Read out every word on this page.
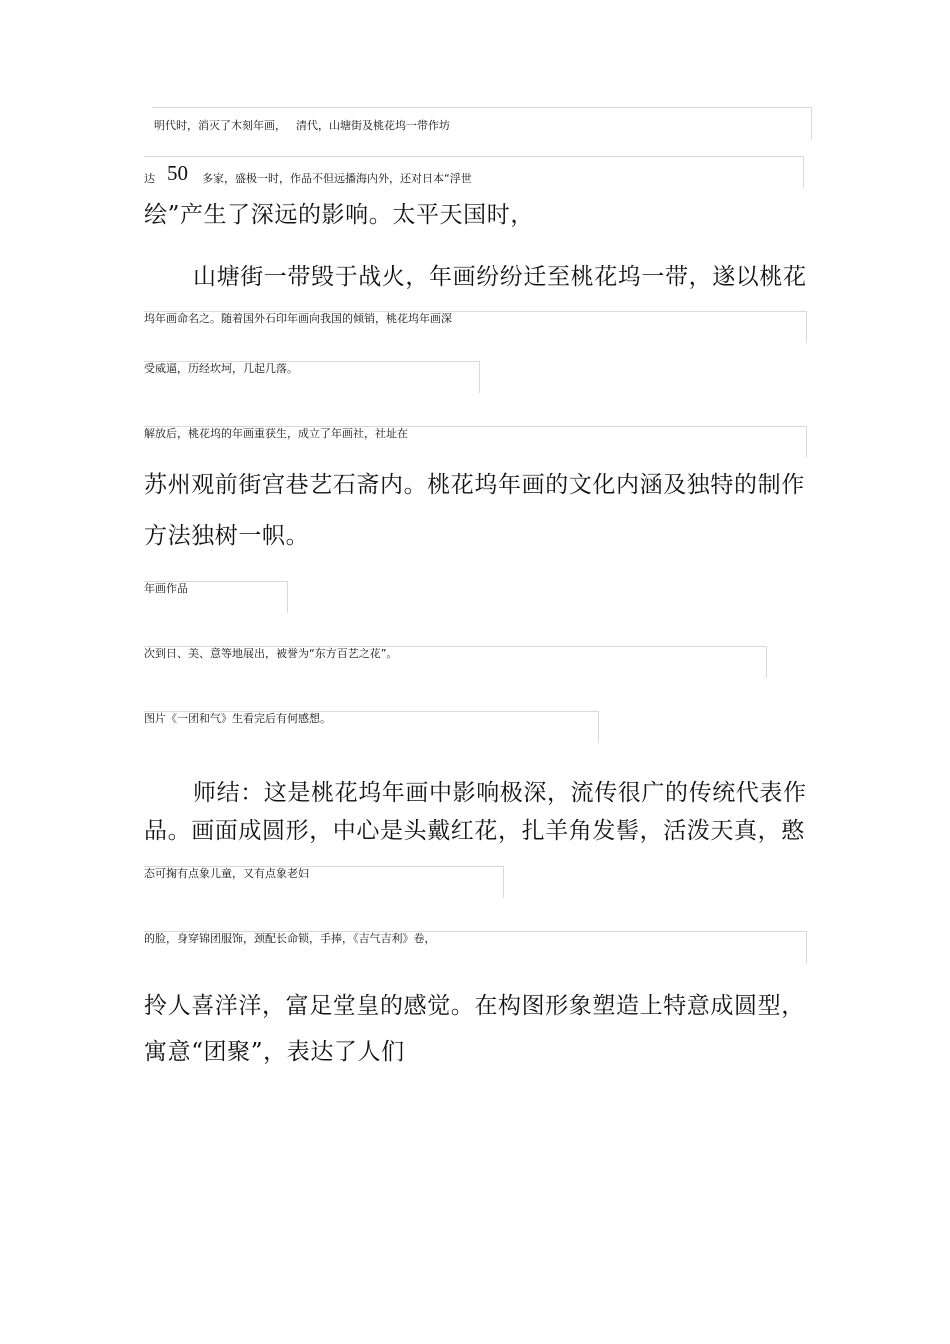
明代时，消灭了木刻年画， 清代，山塘街及桃花坞一带作坊
达 50 多家，盛极一时，作品不但远播海内外，还对日本“浮世
绘”产生了深远的影响。太平天国时，
山塘街一带毁于战火，年画纷纷迁至桃花坞一带，遂以桃花
坞年画命名之。随着国外石印年画向我国的倾销，桃花坞年画深
受威逼，历经坎坷，几起几落。
解放后，桃花坞的年画重获生，成立了年画社，社址在
苏州观前街宫巷艺石斋内。桃花坞年画的文化内涵及独特的制作
方法独树一帜。
年画作品
次到日、美、意等地展出，被誉为“东方百艺之花”。
图片《一团和气》生看完后有何感想。
师结：这是桃花坞年画中影响极深，流传很广的传统代表作
品。画面成圆形，中心是头戴红花，扎羊角发髻，活泼天真，憨
态可掬有点象儿童，又有点象老妇
的脸，身穿锦团服饰，颈配长命锁，手捧，《吉气吉利》卷，
拎人喜洋洋，富足堂皇的感觉。在构图形象塑造上特意成圆型，
寓意“团聚”，表达了人们
